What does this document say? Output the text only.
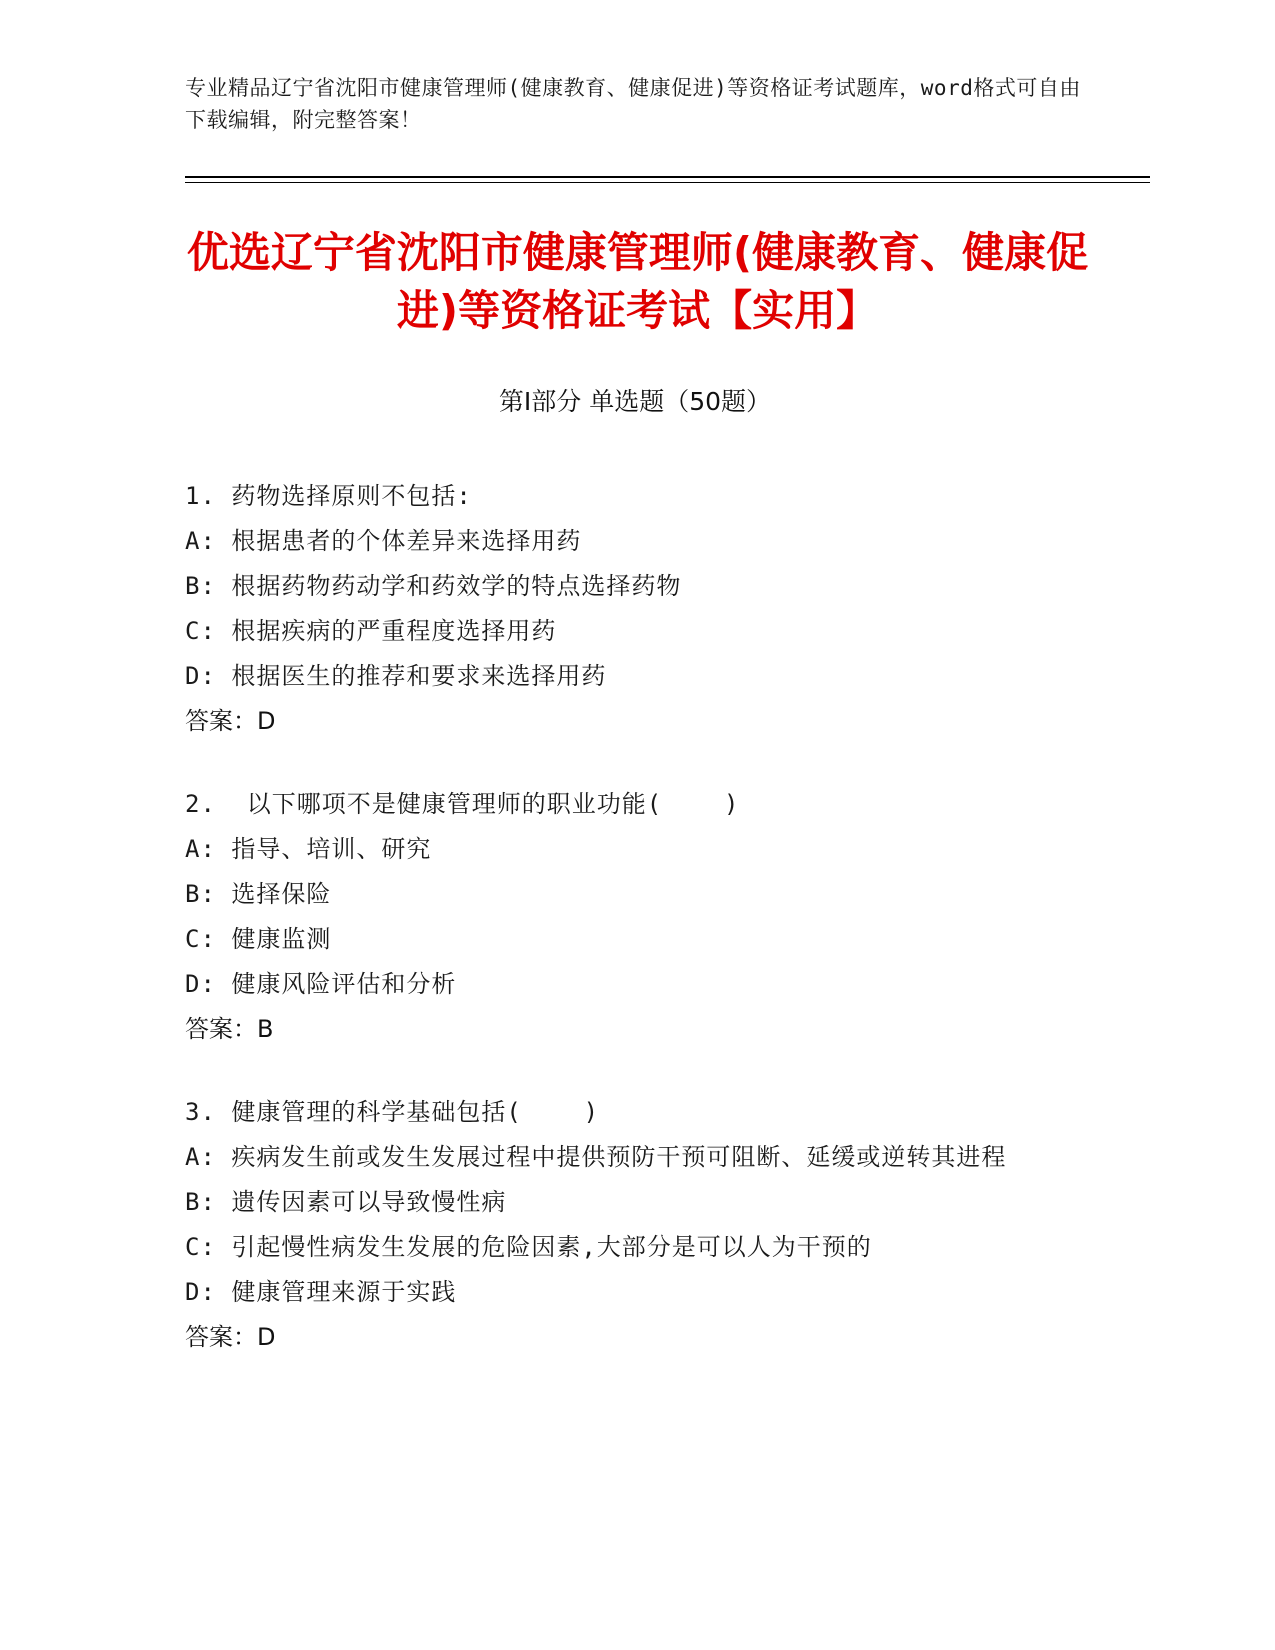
专业精品辽宁省沈阳市健康管理师(健康教育、健康促进)等资格证考试题库，word格式可自由下载编辑，附完整答案！
优选辽宁省沈阳市健康管理师(健康教育、健康促进)等资格证考试【实用】
第Ⅰ部分 单选题（50题）
1. 药物选择原则不包括:
A: 根据患者的个体差异来选择用药
B: 根据药物药动学和药效学的特点选择药物
C: 根据疾病的严重程度选择用药
D: 根据医生的推荐和要求来选择用药
答案：D
2.  以下哪项不是健康管理师的职业功能(    )
A: 指导、培训、研究
B: 选择保险
C: 健康监测
D: 健康风险评估和分析
答案：B
3. 健康管理的科学基础包括(    )
A: 疾病发生前或发生发展过程中提供预防干预可阻断、延缓或逆转其进程
B: 遗传因素可以导致慢性病
C: 引起慢性病发生发展的危险因素,大部分是可以人为干预的
D: 健康管理来源于实践
答案：D
